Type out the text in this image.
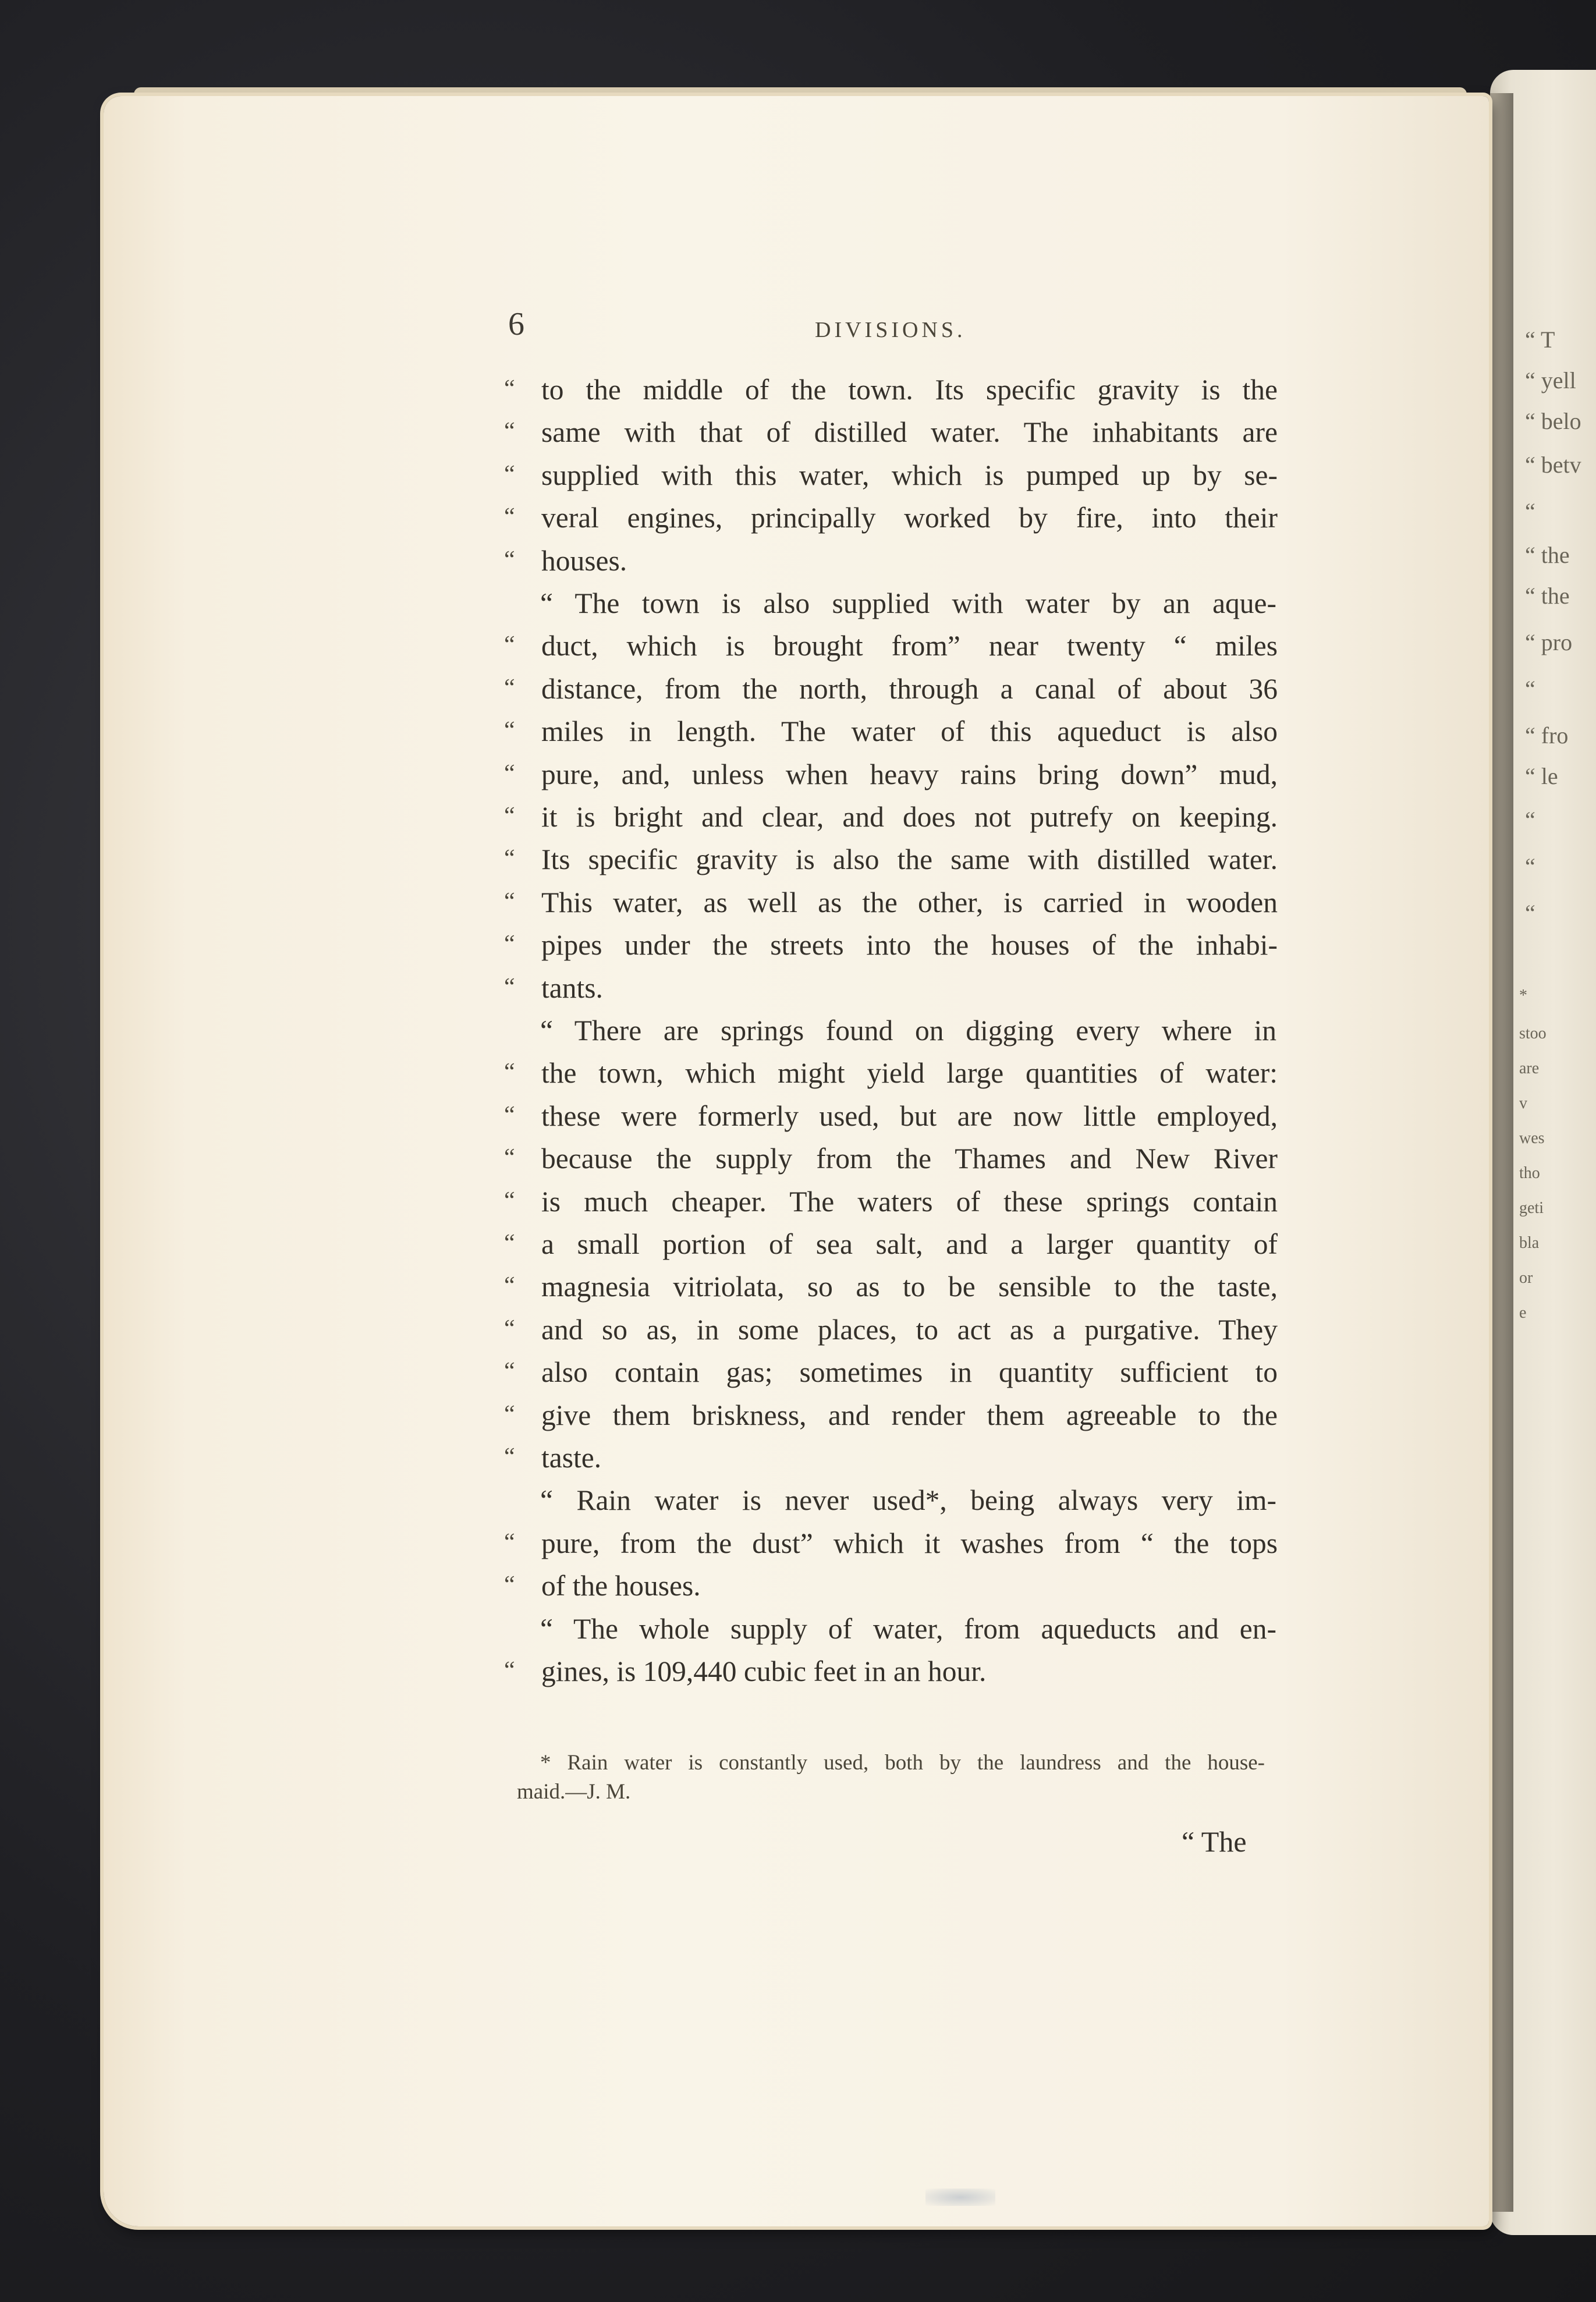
“ T
“ yell
“ belo
“ betv
“
“ the
“ the
“ pro
“
“ fro
“ le
“
“
“
*
stoo
are
v
wes
tho
geti
bla
or
e
6	DIVISIONS.
“ to the middle of the town. Its specific gravity is the
“ same with that of distilled water. The inhabitants are
“ supplied with this water, which is pumped up by se-
“ veral engines, principally worked by fire, into their
“ houses.
“ The town is also supplied with water by an aque-
“ duct, which is brought from” near twenty “ miles
“ distance, from the north, through a canal of about 36
“ miles in length. The water of this aqueduct is also
“ pure, and, unless when heavy rains bring down” mud,
“ it is bright and clear, and does not putrefy on keeping.
“ Its specific gravity is also the same with distilled water.
“ This water, as well as the other, is carried in wooden
“ pipes under the streets into the houses of the inhabi-
“ tants.
“ There are springs found on digging every where in
“ the town, which might yield large quantities of water:
“ these were formerly used, but are now little employed,
“ because the supply from the Thames and New River
“ is much cheaper. The waters of these springs contain
“ a small portion of sea salt, and a larger quantity of
“ magnesia vitriolata, so as to be sensible to the taste,
“ and so as, in some places, to act as a purgative. They
“ also contain gas; sometimes in quantity sufficient to
“ give them briskness, and render them agreeable to the
“ taste.
“ Rain water is never used*, being always very im-
“ pure, from the dust” which it washes from “ the tops
“ of the houses.
“ The whole supply of water, from aqueducts and en-
“ gines, is 109,440 cubic feet in an hour.
* Rain water is constantly used, both by the laundress and the house-
maid.—J. M.
“ The
